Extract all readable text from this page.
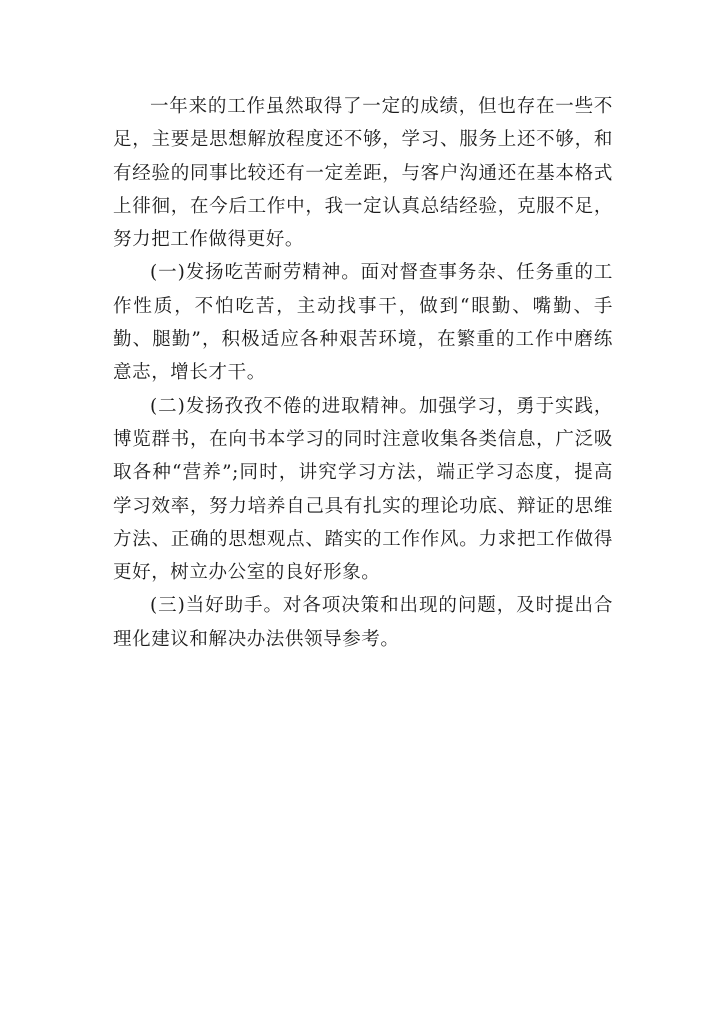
一年来的工作虽然取得了一定的成绩，但也存在一些不足，主要是思想解放程度还不够，学习、服务上还不够，和有经验的同事比较还有一定差距，与客户沟通还在基本格式上徘徊，在今后工作中，我一定认真总结经验，克服不足，努力把工作做得更好。

(一)发扬吃苦耐劳精神。面对督查事务杂、任务重的工作性质，不怕吃苦，主动找事干，做到“眼勤、嘴勤、手勤、腿勤”，积极适应各种艰苦环境，在繁重的工作中磨练意志，增长才干。

(二)发扬孜孜不倦的进取精神。加强学习，勇于实践，博览群书，在向书本学习的同时注意收集各类信息，广泛吸取各种“营养”;同时，讲究学习方法，端正学习态度，提高学习效率，努力培养自己具有扎实的理论功底、辩证的思维方法、正确的思想观点、踏实的工作作风。力求把工作做得更好，树立办公室的良好形象。

(三)当好助手。对各项决策和出现的问题，及时提出合理化建议和解决办法供领导参考。
